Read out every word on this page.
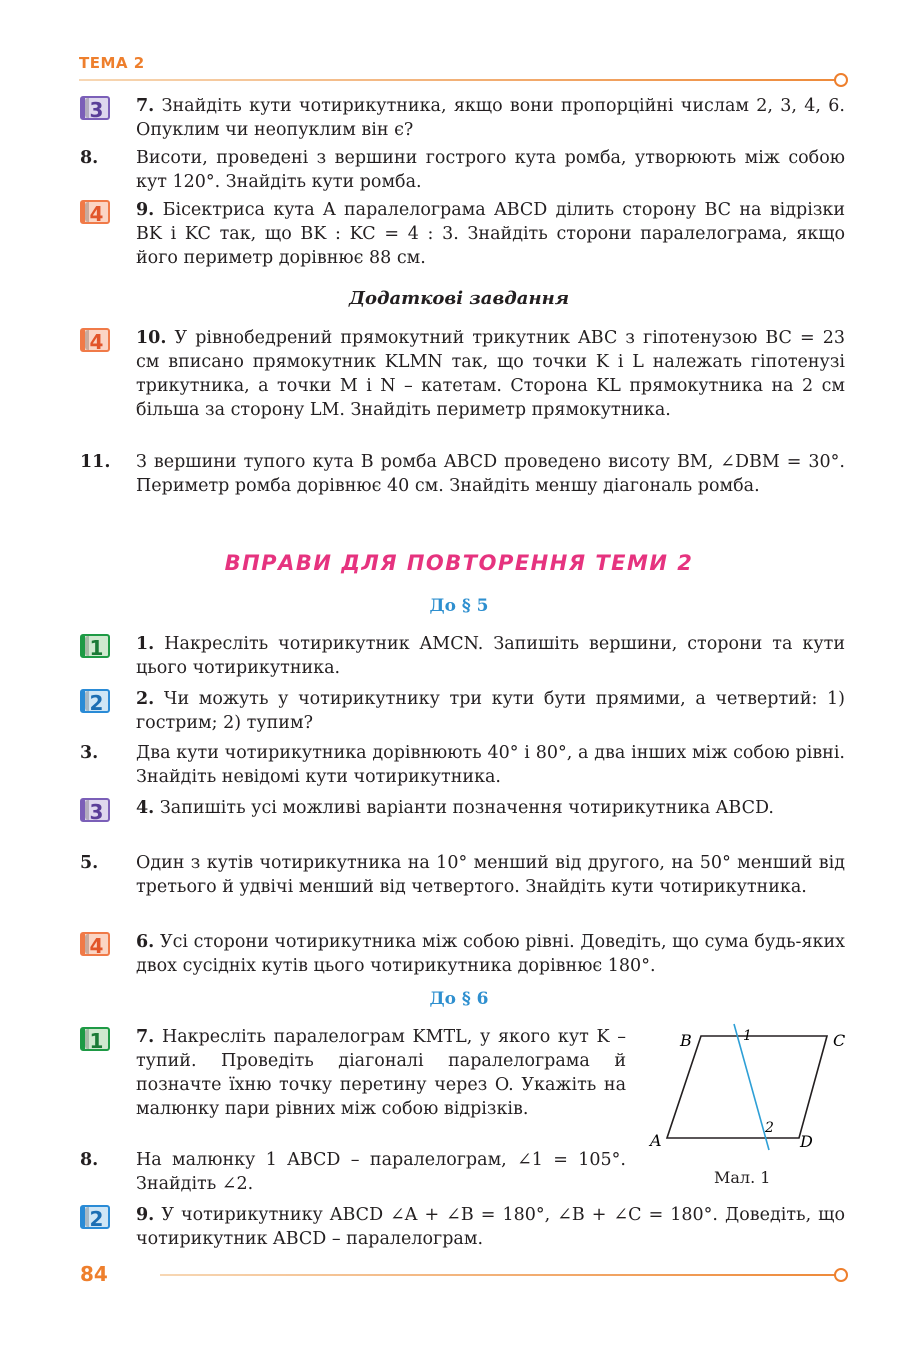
ТЕМА 2
3	7. Знайдіть кути чотирикутника, якщо вони пропорційні числам 2, 3, 4, 6. Опуклим чи неопуклим він є?
8. Висоти, проведені з вершини гострого кута ромба, утворюють між собою кут 120°. Знайдіть кути ромба.
4	9. Бісектриса кута A паралелограма ABCD ділить сторону BC на відрізки BK і KC так, що BK : KC = 4 : 3. Знайдіть сторони паралелограма, якщо його периметр дорівнює 88 см.
Додаткові завдання
4	10. У рівнобедрений прямокутний трикутник ABC з гіпотенузою BC = 23 см вписано прямокутник KLMN так, що точки K і L належать гіпотенузі трикутника, а точки M і N – катетам. Сторона KL прямокутника на 2 см більша за сторону LM. Знайдіть периметр прямокутника.
11. З вершини тупого кута B ромба ABCD проведено висоту BM, ∠DBM = 30°. Периметр ромба дорівнює 40 см. Знайдіть меншу діагональ ромба.
ВПРАВИ ДЛЯ ПОВТОРЕННЯ ТЕМИ 2
До § 5
1	1. Накресліть чотирикутник AMCN. Запишіть вершини, сторони та кути цього чотирикутника.
2	2. Чи можуть у чотирикутнику три кути бути прямими, а четвертий: 1) гострим; 2) тупим?
3. Два кути чотирикутника дорівнюють 40° і 80°, а два інших між собою рівні. Знайдіть невідомі кути чотирикутника.
3	4. Запишіть усі можливі варіанти позначення чотирикутника ABCD.
5. Один з кутів чотирикутника на 10° менший від другого, на 50° менший від третього й удвічі менший від четвертого. Знайдіть кути чотирикутника.
4	6. Усі сторони чотирикутника між собою рівні. Доведіть, що сума будь-яких двох сусідніх кутів цього чотирикутника дорівнює 180°.
До § 6
1	7. Накресліть паралелограм KMTL, у якого кут K – тупий. Проведіть діагоналі паралелограма й позначте їхню точку перетину через O. Укажіть на малюнку пари рівних між собою відрізків.
8. На малюнку 1 ABCD – паралелограм, ∠1 = 105°. Знайдіть ∠2.
2	9. У чотирикутнику ABCD ∠A + ∠B = 180°, ∠B + ∠C = 180°. Доведіть, що чотирикутник ABCD – паралелограм.
B	C
A	D
1
2
Мал. 1
84
